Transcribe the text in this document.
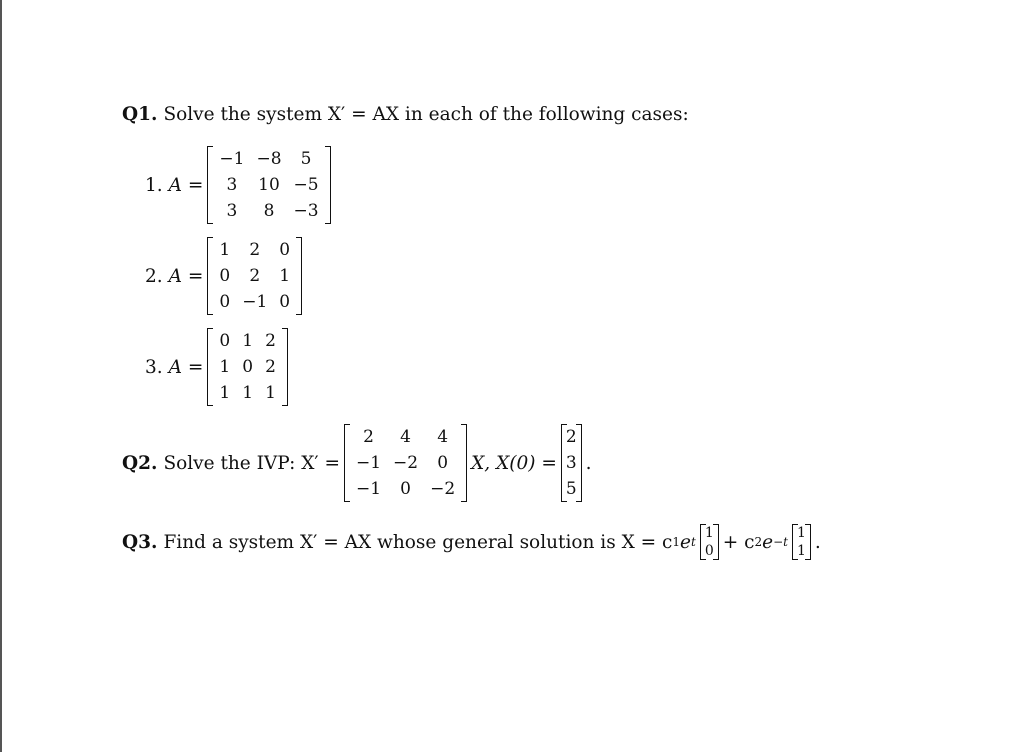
Q1. Solve the system X′ = AX in each of the following cases:
1. A =
−1	−8	5
3	10	−5
3	8	−3
2. A =
1	2	0
0	2	1
0	−1	0
3. A =
0	1	2
1	0	2
1	1	1
Q2. Solve the IVP: X′ =
2	4	4
−1	−2	0
−1	0	−2
X, X(0) =
2
3
5
.
Q3. Find a system X′ = AX whose general solution is X = c 1 e t
1
0 + c 2 e −t
1
1 .
